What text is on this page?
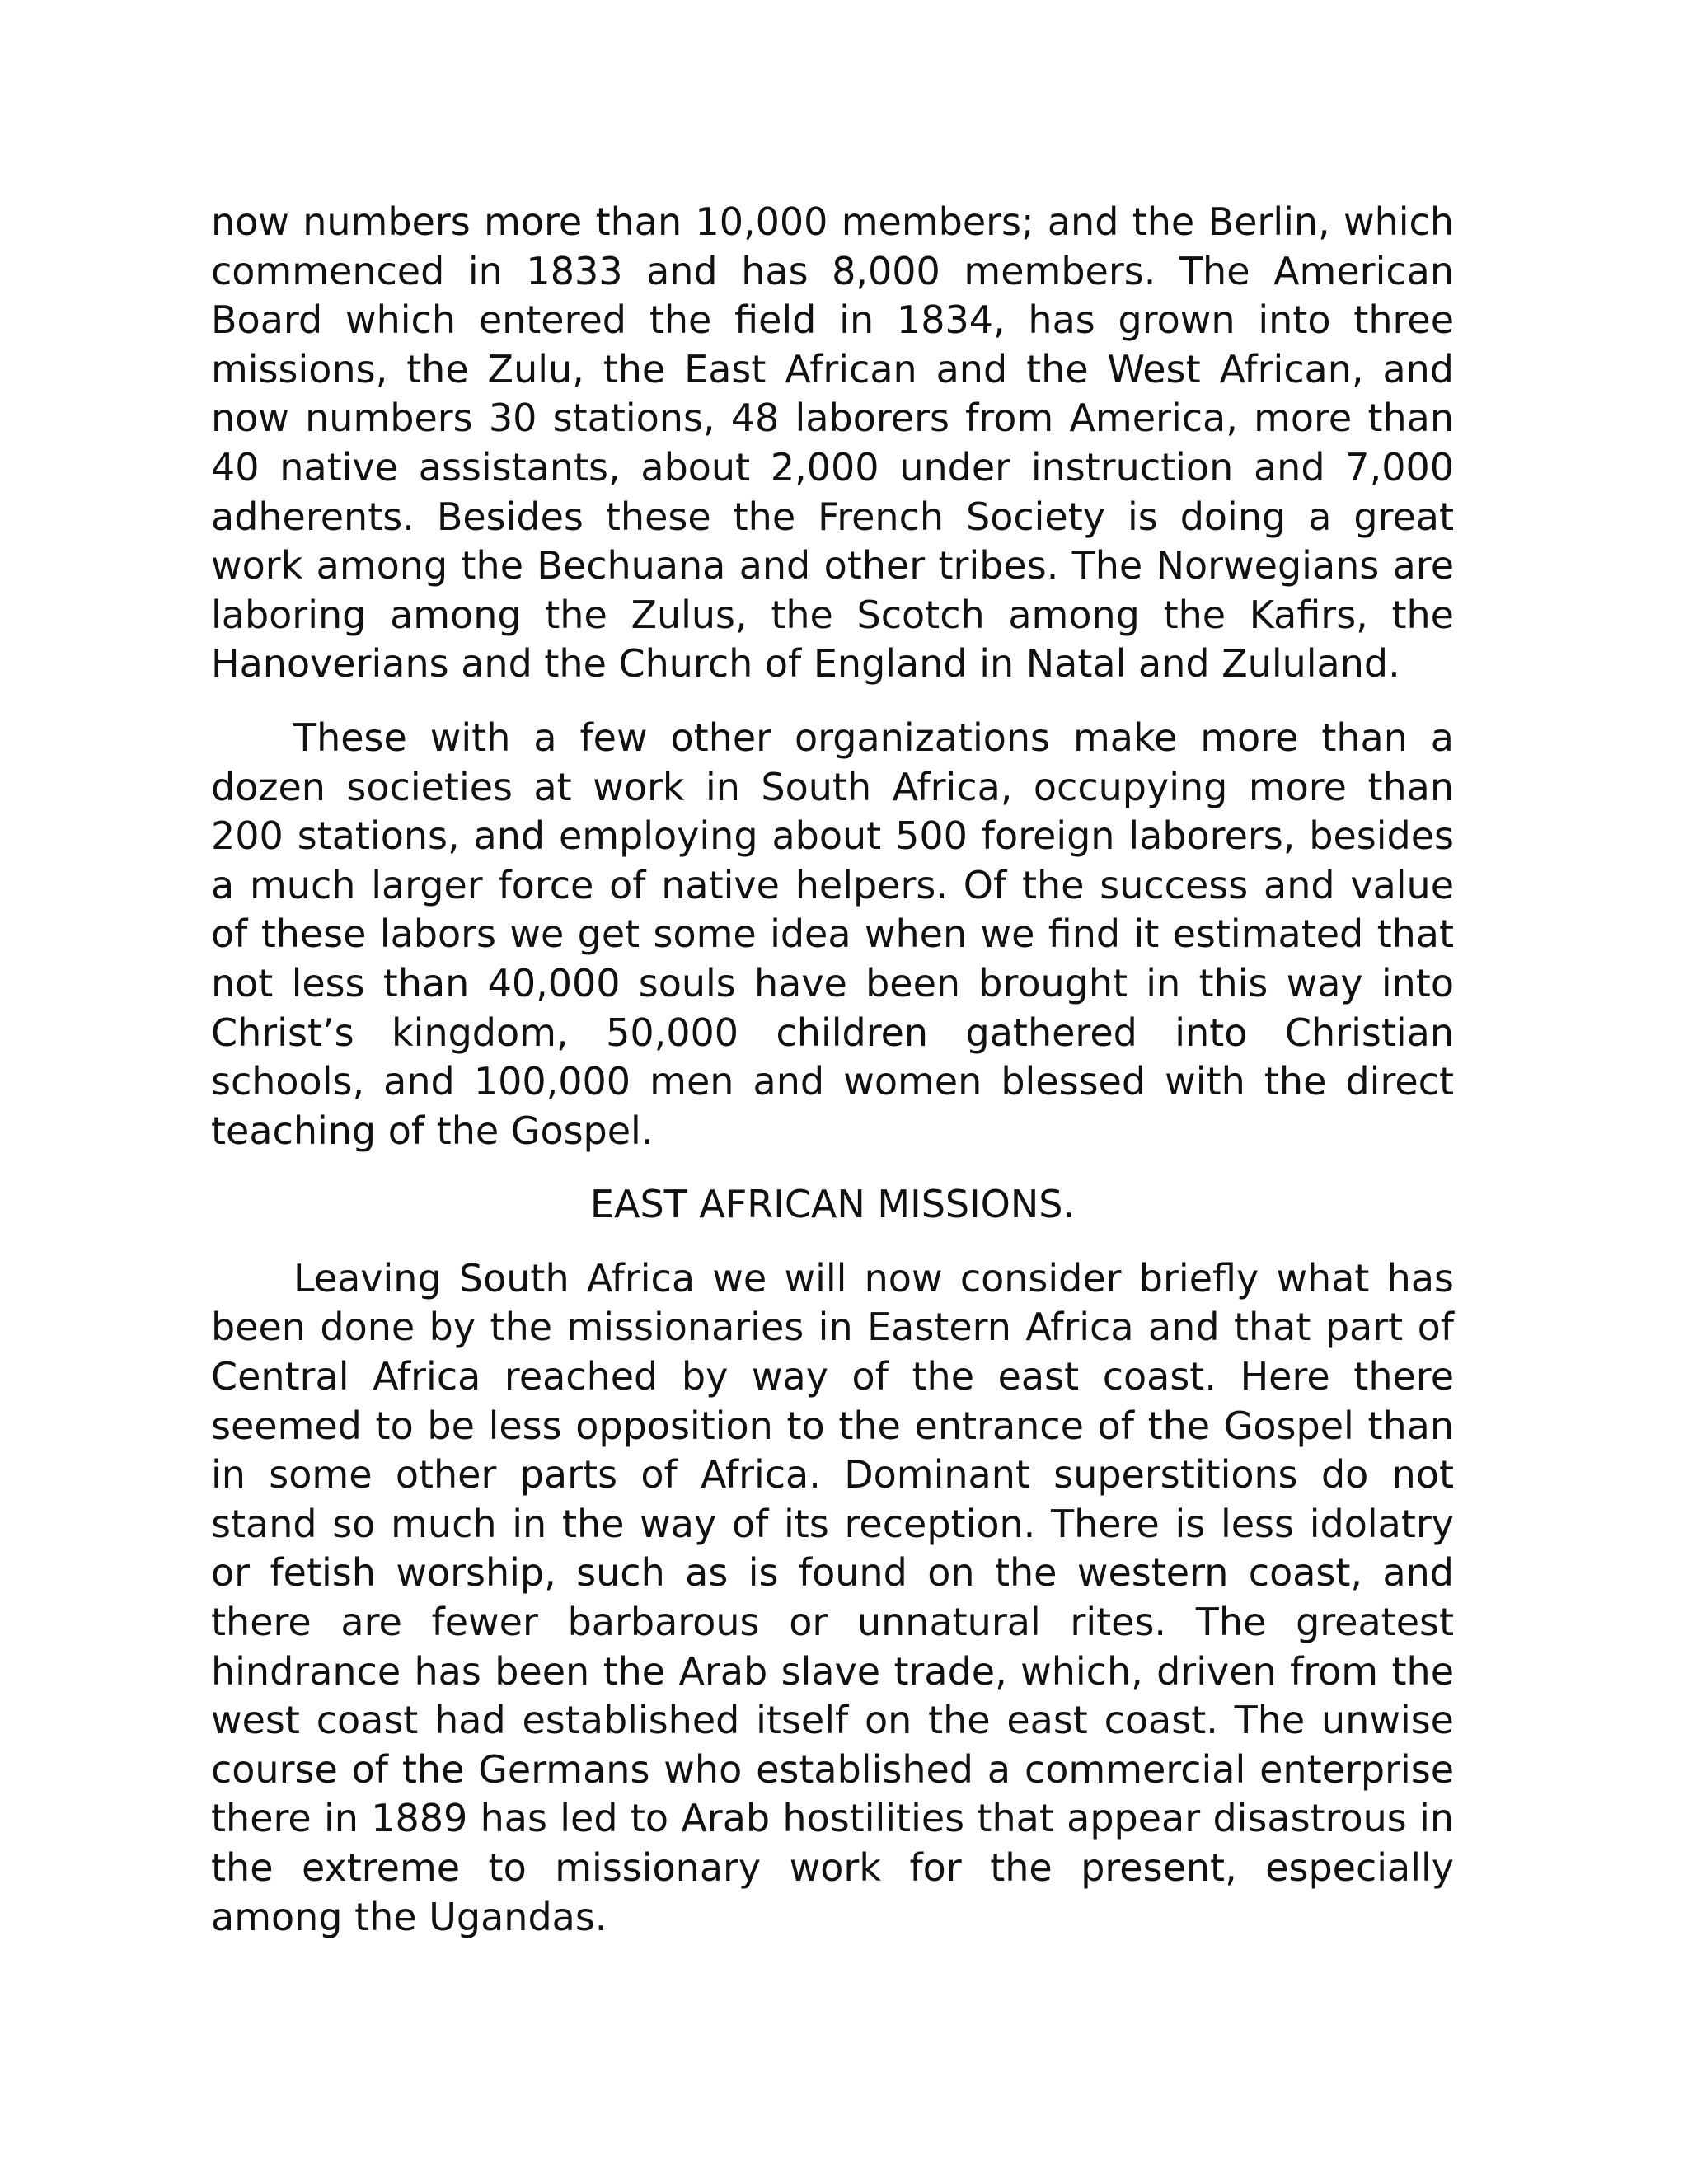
now numbers more than 10,000 members; and the Berlin, which commenced in 1833 and has 8,000 members. The American Board which entered the field in 1834, has grown into three missions, the Zulu, the East African and the West African, and now numbers 30 stations, 48 laborers from America, more than 40 native assistants, about 2,000 under instruction and 7,000 adherents. Besides these the French Society is doing a great work among the Bechuana and other tribes. The Norwegians are laboring among the Zulus, the Scotch among the Kafirs, the Hanoverians and the Church of England in Natal and Zululand.

These with a few other organizations make more than a dozen societies at work in South Africa, occupying more than 200 stations, and employing about 500 foreign laborers, besides a much larger force of native helpers. Of the success and value of these labors we get some idea when we find it estimated that not less than 40,000 souls have been brought in this way into Christ’s kingdom, 50,000 children gathered into Christian schools, and 100,000 men and women blessed with the direct teaching of the Gospel.

EAST AFRICAN MISSIONS.

Leaving South Africa we will now consider briefly what has been done by the missionaries in Eastern Africa and that part of Central Africa reached by way of the east coast. Here there seemed to be less opposition to the entrance of the Gospel than in some other parts of Africa. Dominant superstitions do not stand so much in the way of its reception. There is less idolatry or fetish worship, such as is found on the western coast, and there are fewer barbarous or unnatural rites. The greatest hindrance has been the Arab slave trade, which, driven from the west coast had established itself on the east coast. The unwise course of the Germans who established a commercial enterprise there in 1889 has led to Arab hostilities that appear disastrous in the extreme to missionary work for the present, especially among the Ugandas.
